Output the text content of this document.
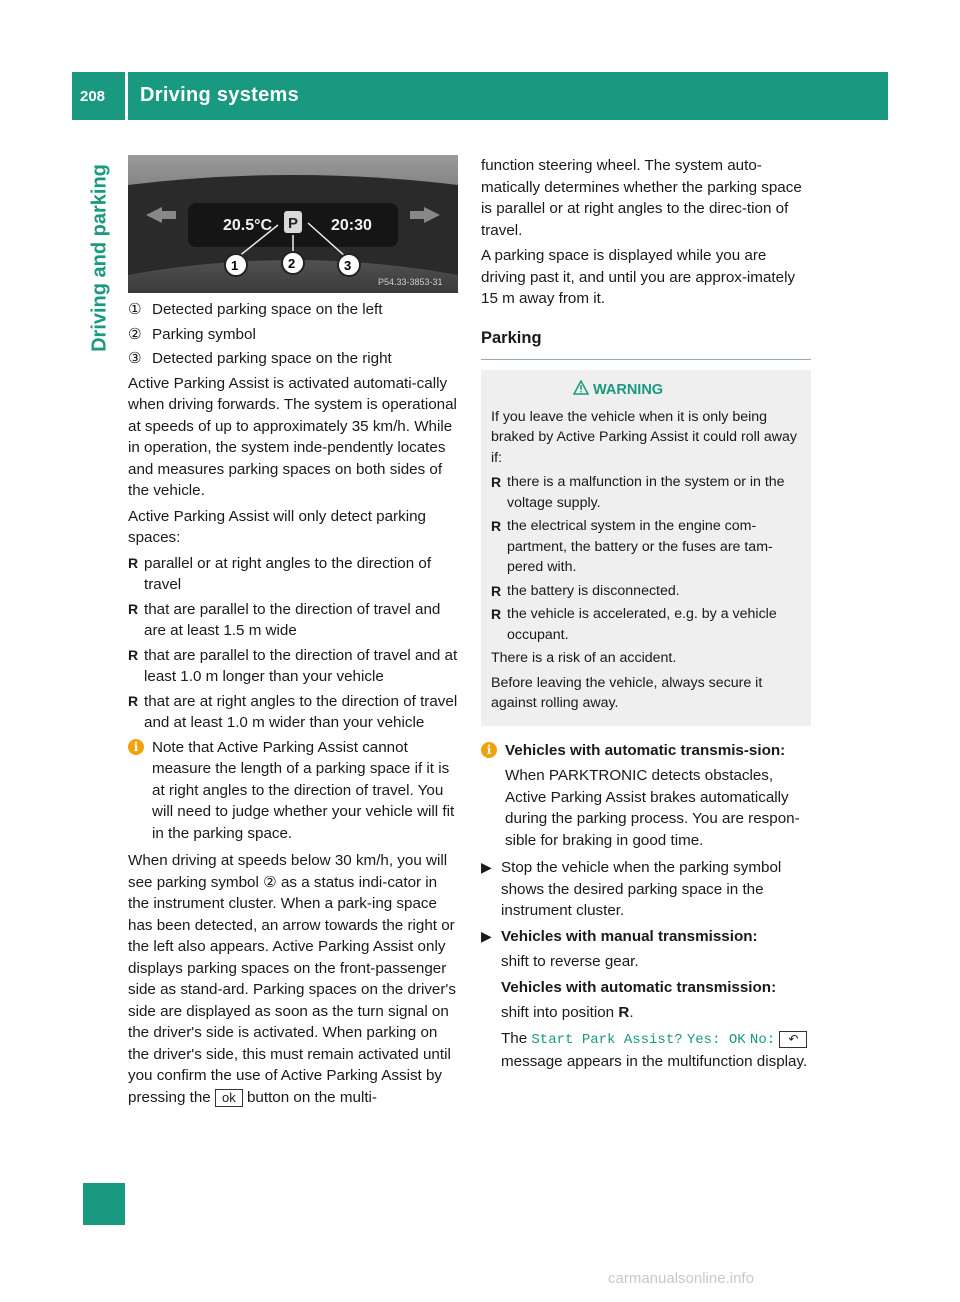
208 Driving systems
Driving and parking	20.5°C P 20:30
1	2	3
P54.33-3853-31
① Detected parking space on the left
② Parking symbol
③ Detected parking space on the right

Active Parking Assist is activated automati-cally when driving forwards. The system is operational at speeds of up to approximately 35 km/h. While in operation, the system inde-pendently locates and measures parking spaces on both sides of the vehicle.

Active Parking Assist will only detect parking spaces:

R parallel or at right angles to the direction of travel
R that are parallel to the direction of travel and are at least 1.5 m wide
R that are parallel to the direction of travel and at least 1.0 m longer than your vehicle
R that are at right angles to the direction of travel and at least 1.0 m wider than your vehicle
i Note that Active Parking Assist cannot measure the length of a parking space if it is at right angles to the direction of travel. You will need to judge whether your vehicle will fit in the parking space.

When driving at speeds below 30 km/h, you will see parking symbol ② as a status indi-cator in the instrument cluster. When a park-ing space has been detected, an arrow towards the right or the left also appears. Active Parking Assist only displays parking spaces on the front-passenger side as stand-ard. Parking spaces on the driver's side are displayed as soon as the turn signal on the driver's side is activated. When parking on the driver's side, this must remain activated until you confirm the use of Active Parking Assist by pressing the ok button on the multi-

function steering wheel. The system auto-matically determines whether the parking space is parallel or at right angles to the direc-tion of travel.

A parking space is displayed while you are driving past it, and until you are approx-imately 15 m away from it.

Parking
WARNING

If you leave the vehicle when it is only being braked by Active Parking Assist it could roll away if:

R there is a malfunction in the system or in the voltage supply.
R the electrical system in the engine com-partment, the battery or the fuses are tam-pered with.
R the battery is disconnected.
R the vehicle is accelerated, e.g. by a vehicle occupant.

There is a risk of an accident.

Before leaving the vehicle, always secure it against rolling away.

i Vehicles with automatic transmis-sion:

When PARKTRONIC detects obstacles, Active Parking Assist brakes automatically during the parking process. You are respon-sible for braking in good time.

▶ Stop the vehicle when the parking symbol shows the desired parking space in the instrument cluster.
▶ Vehicles with manual transmission:

shift to reverse gear.

Vehicles with automatic transmission:

shift into position R.

The Start Park Assist? Yes: OK No: ↶ message appears in the multifunction display.

carmanualsonline.info
